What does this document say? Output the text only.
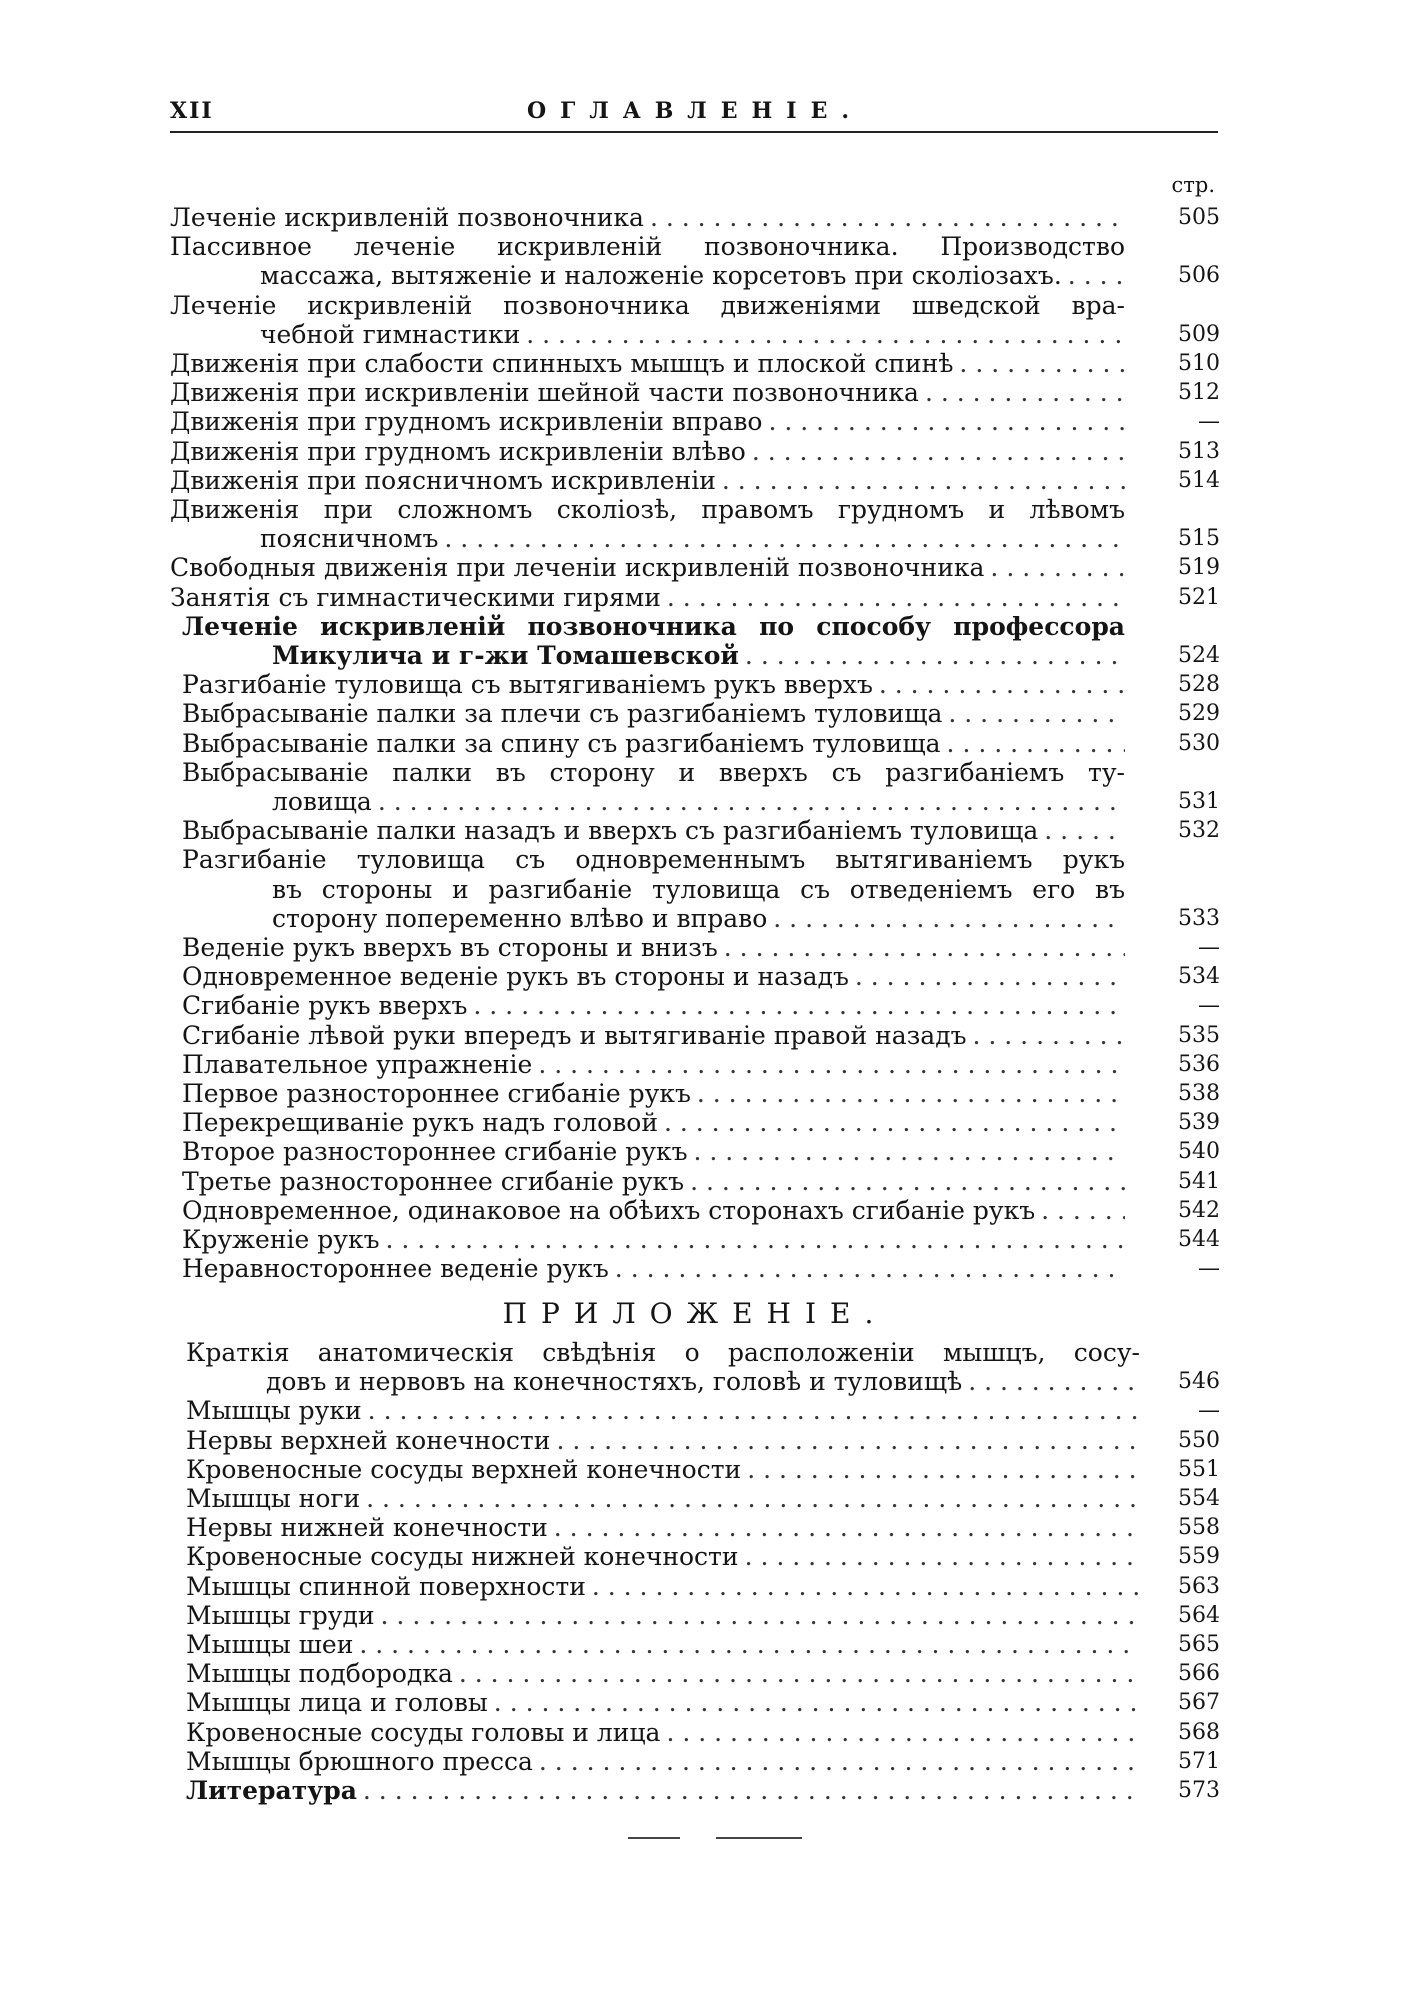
XII	ОГЛАВЛЕНІЕ.
стр.
Леченіе искривленій позвоночника . . .	505
Пассивное леченіе искривленій позвоночника. Производство
массажа, вытяженіе и наложеніе корсетовъ при сколіозахъ. . . .	506
Леченіе искривленій позвоночника движеніями шведской вра-
чебной гимнастики . . .	509
Движенія при слабости спинныхъ мышцъ и плоской спинѣ . . .	510
Движенія при искривленіи шейной части позвоночника . . .	512
Движенія при грудномъ искривленіи вправо . . .	—
Движенія при грудномъ искривленіи влѣво . . .	513
Движенія при поясничномъ искривленіи . . .	514
Движенія при сложномъ сколіозѣ, правомъ грудномъ и лѣвомъ
поясничномъ . . .	515
Свободныя движенія при леченіи искривленій позвоночника . . .	519
Занятія съ гимнастическими гирями . . .	521
Леченіе искривленій позвоночника по способу профессора
Микулича и г-жи Томашевской . . .	524
Разгибаніе туловища съ вытягиваніемъ рукъ вверхъ . . .	528
Выбрасываніе палки за плечи съ разгибаніемъ туловища . . .	529
Выбрасываніе палки за спину съ разгибаніемъ туловища . . .	530
Выбрасываніе палки въ сторону и вверхъ съ разгибаніемъ ту-
ловища . . .	531
Выбрасываніе палки назадъ и вверхъ съ разгибаніемъ туловища . . .	532
Разгибаніе туловища съ одновременнымъ вытягиваніемъ рукъ
въ стороны и разгибаніе туловища съ отведеніемъ его въ
сторону попеременно влѣво и вправо . . .	533
Веденіе рукъ вверхъ въ стороны и внизъ . . .	—
Одновременное веденіе рукъ въ стороны и назадъ . . .	534
Сгибаніе рукъ вверхъ . . .	—
Сгибаніе лѣвой руки впередъ и вытягиваніе правой назадъ . . .	535
Плавательное упражненіе . . .	536
Первое разностороннее сгибаніе рукъ . . .	538
Перекрещиваніе рукъ надъ головой . . .	539
Второе разностороннее сгибаніе рукъ . . .	540
Третье разностороннее сгибаніе рукъ . . .	541
Одновременное, одинаковое на обѣихъ сторонахъ сгибаніе рукъ . . .	542
Круженіе рукъ . . .	544
Неравностороннее веденіе рукъ . . .	—
Краткія анатомическія свѣдѣнія о расположеніи мышцъ, сосу-
довъ и нервовъ на конечностяхъ, головѣ и туловищѣ . . .	546
Мышцы руки . . .	—
Нервы верхней конечности . . .	550
Кровеносные сосуды верхней конечности . . .	551
Мышцы ноги . . .	554
Нервы нижней конечности . . .	558
Кровеносные сосуды нижней конечности . . .	559
Мышцы спинной поверхности . . .	563
Мышцы груди . . .	564
Мышцы шеи . . .	565
Мышцы подбородка . . .	566
Мышцы лица и головы . . .	567
Кровеносные сосуды головы и лица . . .	568
Мышцы брюшного пресса . . .	571
Литература . . .	573
ПРИЛОЖЕНІЕ.
